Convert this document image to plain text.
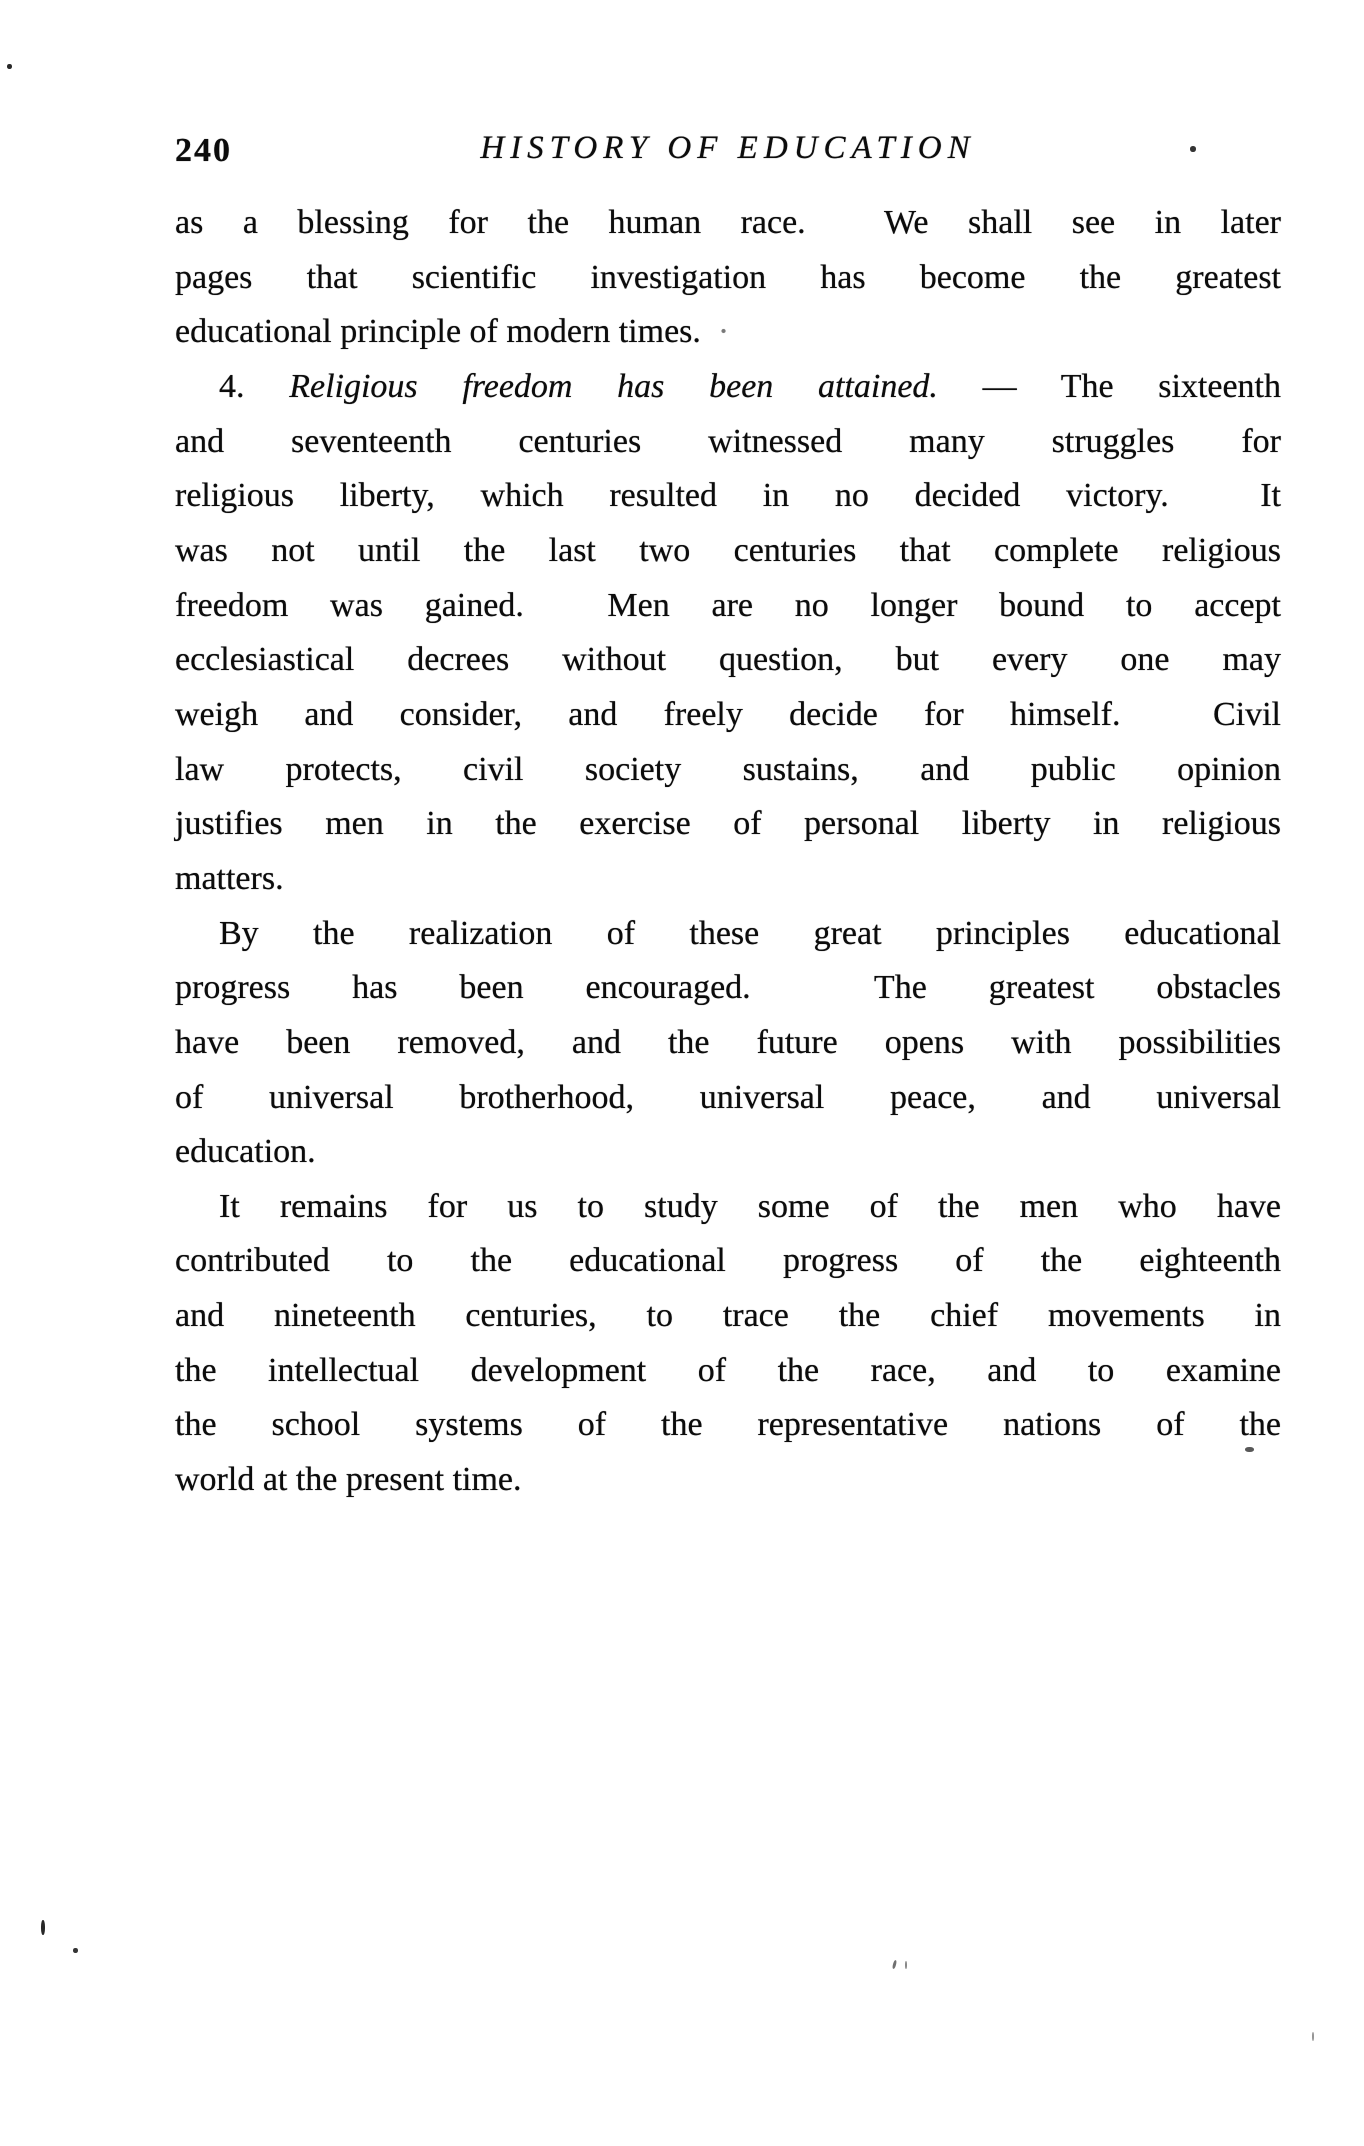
240	HISTORY OF EDUCATION
as a blessing for the human race.  We shall see in later
pages that scientific investigation has become the greatest
educational principle of modern times.  ·
4. Religious freedom has been attained. — The sixteenth
and seventeenth centuries witnessed many struggles for
religious liberty, which resulted in no decided victory.  It
was not until the last two centuries that complete religious
freedom was gained.  Men are no longer bound to accept
ecclesiastical decrees without question, but every one may
weigh and consider, and freely decide for himself.  Civil
law protects, civil society sustains, and public opinion
justifies men in the exercise of personal liberty in religious
matters.
By the realization of these great principles educational
progress has been encouraged.  The greatest obstacles
have been removed, and the future opens with possibilities
of universal brotherhood, universal peace, and universal
education.
It remains for us to study some of the men who have
contributed to the educational progress of the eighteenth
and nineteenth centuries, to trace the chief movements in
the intellectual development of the race, and to examine
the school systems of the representative nations of the
world at the present time.
